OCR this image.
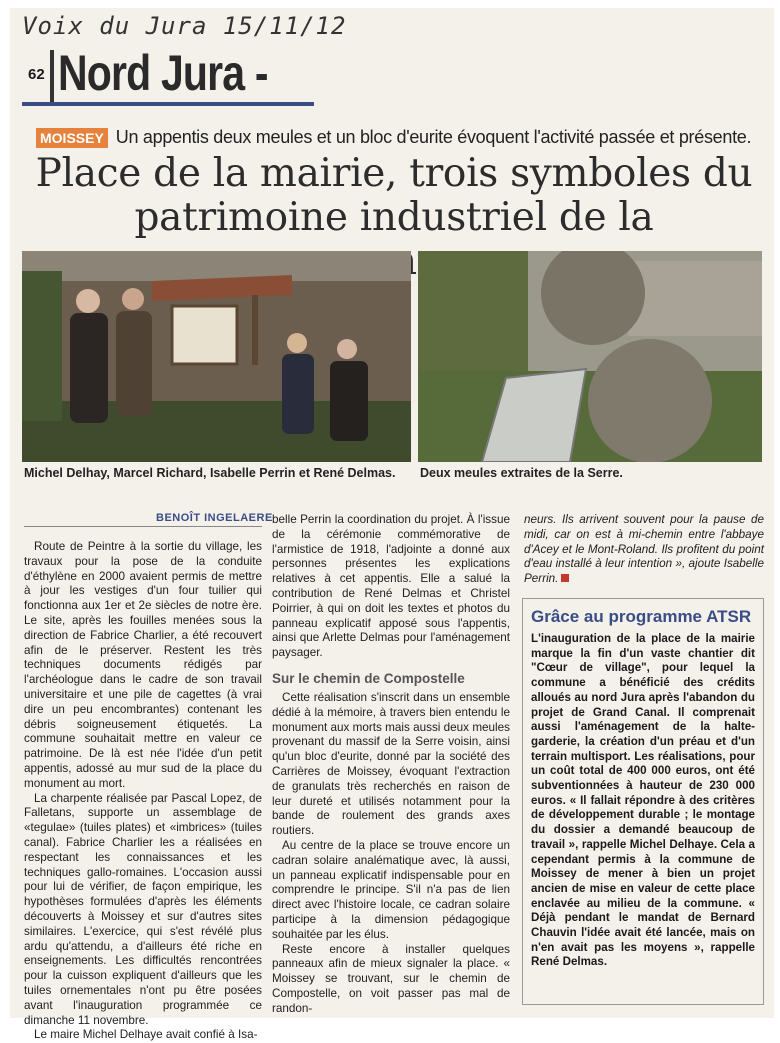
Voix du Jura 15/11/12
62 Nord Jura -
MOISSEY Un appentis deux meules et un bloc d'eurite évoquent l'activité passée et présente.
Place de la mairie, trois symboles du patrimoine industriel de la
Michel Delhay, Marcel Richard, Isabelle Perrin et René Delmas. Deux meules extraites de la Serre.
BENOÎT INGELAERE

Route de Peintre à la sortie du village, les travaux pour la pose de la conduite d'éthylène en 2000 avaient permis de mettre à jour les vestiges d'un four tuilier qui fonctionna aux 1er et 2e siècles de notre ère. Le site, après les fouilles menées sous la direction de Fabrice Charlier, a été recouvert afin de le préserver. Restent les très techniques documents rédigés par l'archéologue dans le cadre de son travail universitaire et une pile de cagettes (à vrai dire un peu encombrantes) contenant les débris soigneusement étiquetés. La commune souhaitait mettre en valeur ce patrimoine. De là est née l'idée d'un petit appentis, adossé au mur sud de la place du monument au mort.

La charpente réalisée par Pascal Lopez, de Falletans, supporte un assemblage de «tegulae» (tuiles plates) et «imbrices» (tuiles canal). Fabrice Charlier les a réalisées en respectant les connaissances et les techniques gallo-romaines. L'occasion aussi pour lui de vérifier, de façon empirique, les hypothèses formulées d'après les éléments découverts à Moissey et sur d'autres sites similaires. L'exercice, qui s'est révélé plus ardu qu'attendu, a d'ailleurs été riche en enseignements. Les difficultés rencontrées pour la cuisson expliquent d'ailleurs que les tuiles ornementales n'ont pu être posées avant l'inauguration programmée ce dimanche 11 novembre.

Le maire Michel Delhaye avait confié à Isa-

belle Perrin la coordination du projet. À l'issue de la cérémonie commémorative de l'armistice de 1918, l'adjointe a donné aux personnes présentes les explications relatives à cet appentis. Elle a salué la contribution de René Delmas et Christel Poirrier, à qui on doit les textes et photos du panneau explicatif apposé sous l'appentis, ainsi que Arlette Delmas pour l'aménagement paysager.

Sur le chemin de Compostelle

Cette réalisation s'inscrit dans un ensemble dédié à la mémoire, à travers bien entendu le monument aux morts mais aussi deux meules provenant du massif de la Serre voisin, ainsi qu'un bloc d'eurite, donné par la société des Carrières de Moissey, évoquant l'extraction de granulats très recherchés en raison de leur dureté et utilisés notamment pour la bande de roulement des grands axes routiers.

Au centre de la place se trouve encore un cadran solaire analématique avec, là aussi, un panneau explicatif indispensable pour en comprendre le principe. S'il n'a pas de lien direct avec l'histoire locale, ce cadran solaire participe à la dimension pédagogique souhaitée par les élus.

Reste encore à installer quelques panneaux afin de mieux signaler la place. « Moissey se trouvant, sur le chemin de Compostelle, on voit passer pas mal de randon-

neurs. Ils arrivent souvent pour la pause de midi, car on est à mi-chemin entre l'abbaye d'Acey et le Mont-Roland. Ils profitent du point d'eau installé à leur intention », ajoute Isabelle Perrin.

Grâce au programme ATSR
L'inauguration de la place de la mairie marque la fin d'un vaste chantier dit "Cœur de village", pour lequel la commune a bénéficié des crédits alloués au nord Jura après l'abandon du projet de Grand Canal. Il comprenait aussi l'aménagement de la halte-garderie, la création d'un préau et d'un terrain multisport. Les réalisations, pour un coût total de 400 000 euros, ont été subventionnées à hauteur de 230 000 euros. « Il fallait répondre à des critères de développement durable ; le montage du dossier a demandé beaucoup de travail », rappelle Michel Delhaye. Cela a cependant permis à la commune de Moissey de mener à bien un projet ancien de mise en valeur de cette place enclavée au milieu de la commune. « Déjà pendant le mandat de Bernard Chauvin l'idée avait été lancée, mais on n'en avait pas les moyens », rappelle René Delmas.
